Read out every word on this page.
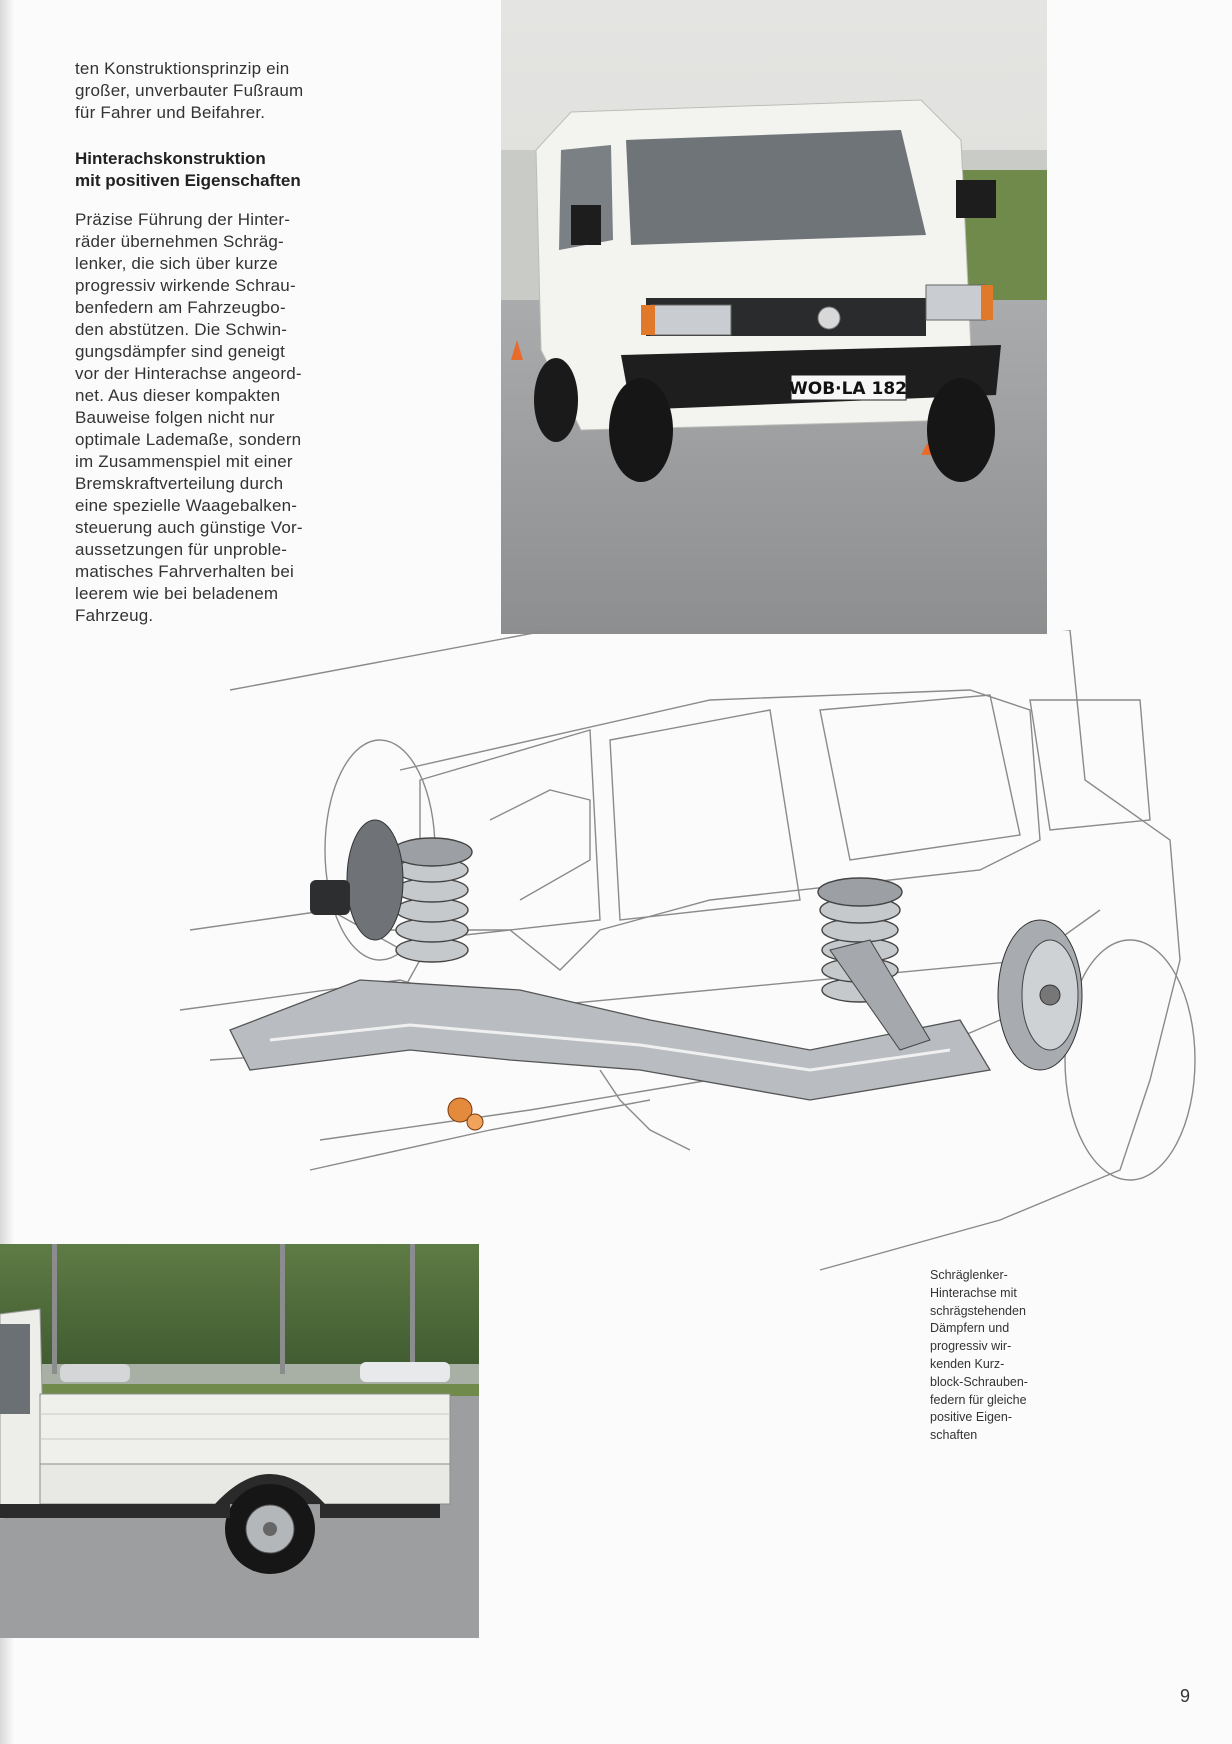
ten Konstruktionsprinzip ein
großer, unverbauter Fußraum
für Fahrer und Beifahrer.

Hinterachskonstruktion
mit positiven Eigenschaften

Präzise Führung der Hinter-
räder übernehmen Schräg-
lenker, die sich über kurze
progressiv wirkende Schrau-
benfedern am Fahrzeugbo-
den abstützen. Die Schwin-
gungsdämpfer sind geneigt
vor der Hinterachse angeord-
net. Aus dieser kompakten
Bauweise folgen nicht nur
optimale Lademaße, sondern
im Zusammenspiel mit einer
Bremskraftverteilung durch
eine spezielle Waagebalken-
steuerung auch günstige Vor-
aussetzungen für unproble-
matisches Fahrverhalten bei
leerem wie bei beladenem
Fahrzeug.

WOB·LA 182
Schräglenker-
Hinterachse mit
schrägstehenden
Dämpfern und
progressiv wir-
kenden Kurz-
block-Schrauben-
federn für gleiche
positive Eigen-
schaften
9
